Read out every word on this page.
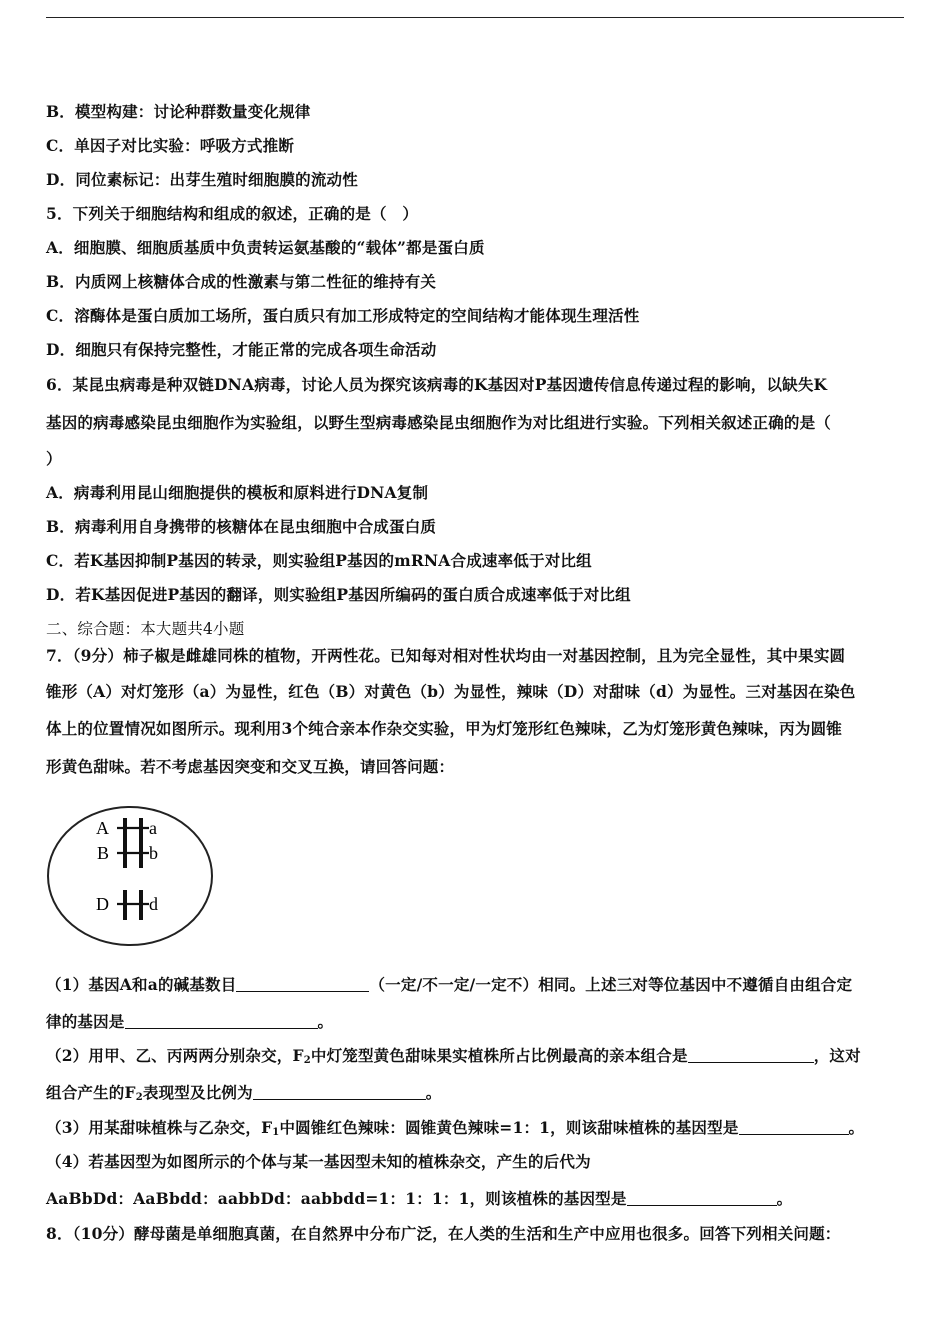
B．模型构建：讨论种群数量变化规律
C．单因子对比实验：呼吸方式推断
D．同位素标记：出芽生殖时细胞膜的流动性
5．下列关于细胞结构和组成的叙述，正确的是（　）
A．细胞膜、细胞质基质中负责转运氨基酸的“载体”都是蛋白质
B．内质网上核糖体合成的性激素与第二性征的维持有关
C．溶酶体是蛋白质加工场所，蛋白质只有加工形成特定的空间结构才能体现生理活性
D．细胞只有保持完整性，才能正常的完成各项生命活动
6．某昆虫病毒是种双链DNA病毒，讨论人员为探究该病毒的K基因对P基因遗传信息传递过程的影响，以缺失K
基因的病毒感染昆虫细胞作为实验组，以野生型病毒感染昆虫细胞作为对比组进行实验。下列相关叙述正确的是（
）
A．病毒利用昆山细胞提供的模板和原料进行DNA复制
B．病毒利用自身携带的核糖体在昆虫细胞中合成蛋白质
C．若K基因抑制P基因的转录，则实验组P基因的mRNA合成速率低于对比组
D．若K基因促进P基因的翻译，则实验组P基因所编码的蛋白质合成速率低于对比组
二、综合题：本大题共4小题
7．（9分）柿子椒是雌雄同株的植物，开两性花。已知每对相对性状均由一对基因控制，且为完全显性，其中果实圆
锥形（A）对灯笼形（a）为显性，红色（B）对黄色（b）为显性，辣味（D）对甜味（d）为显性。三对基因在染色
体上的位置情况如图所示。现利用3个纯合亲本作杂交实验，甲为灯笼形红色辣味，乙为灯笼形黄色辣味，丙为圆锥
形黄色甜味。若不考虑基因突变和交叉互换，请回答问题：
A a
B b
D d
（1）基因A和a的碱基数目	（一定/不一定/一定不）相同。上述三对等位基因中不遵循自由组合定
律的基因是	。
（2）用甲、乙、丙两两分别杂交，$F_2$中灯笼型黄色甜味果实植株所占比例最高的亲本组合是	，这对
组合产生的$F_2$表现型及比例为	。
（3）用某甜味植株与乙杂交，$F_1$中圆锥红色辣味：圆锥黄色辣味=1：1，则该甜味植株的基因型是	。
（4）若基因型为如图所示的个体与某一基因型未知的植株杂交，产生的后代为
AaBbDd：AaBbdd：aabbDd：aabbdd=1：1：1：1，则该植株的基因型是	。
8．（10分）酵母菌是单细胞真菌，在自然界中分布广泛，在人类的生活和生产中应用也很多。回答下列相关问题：
